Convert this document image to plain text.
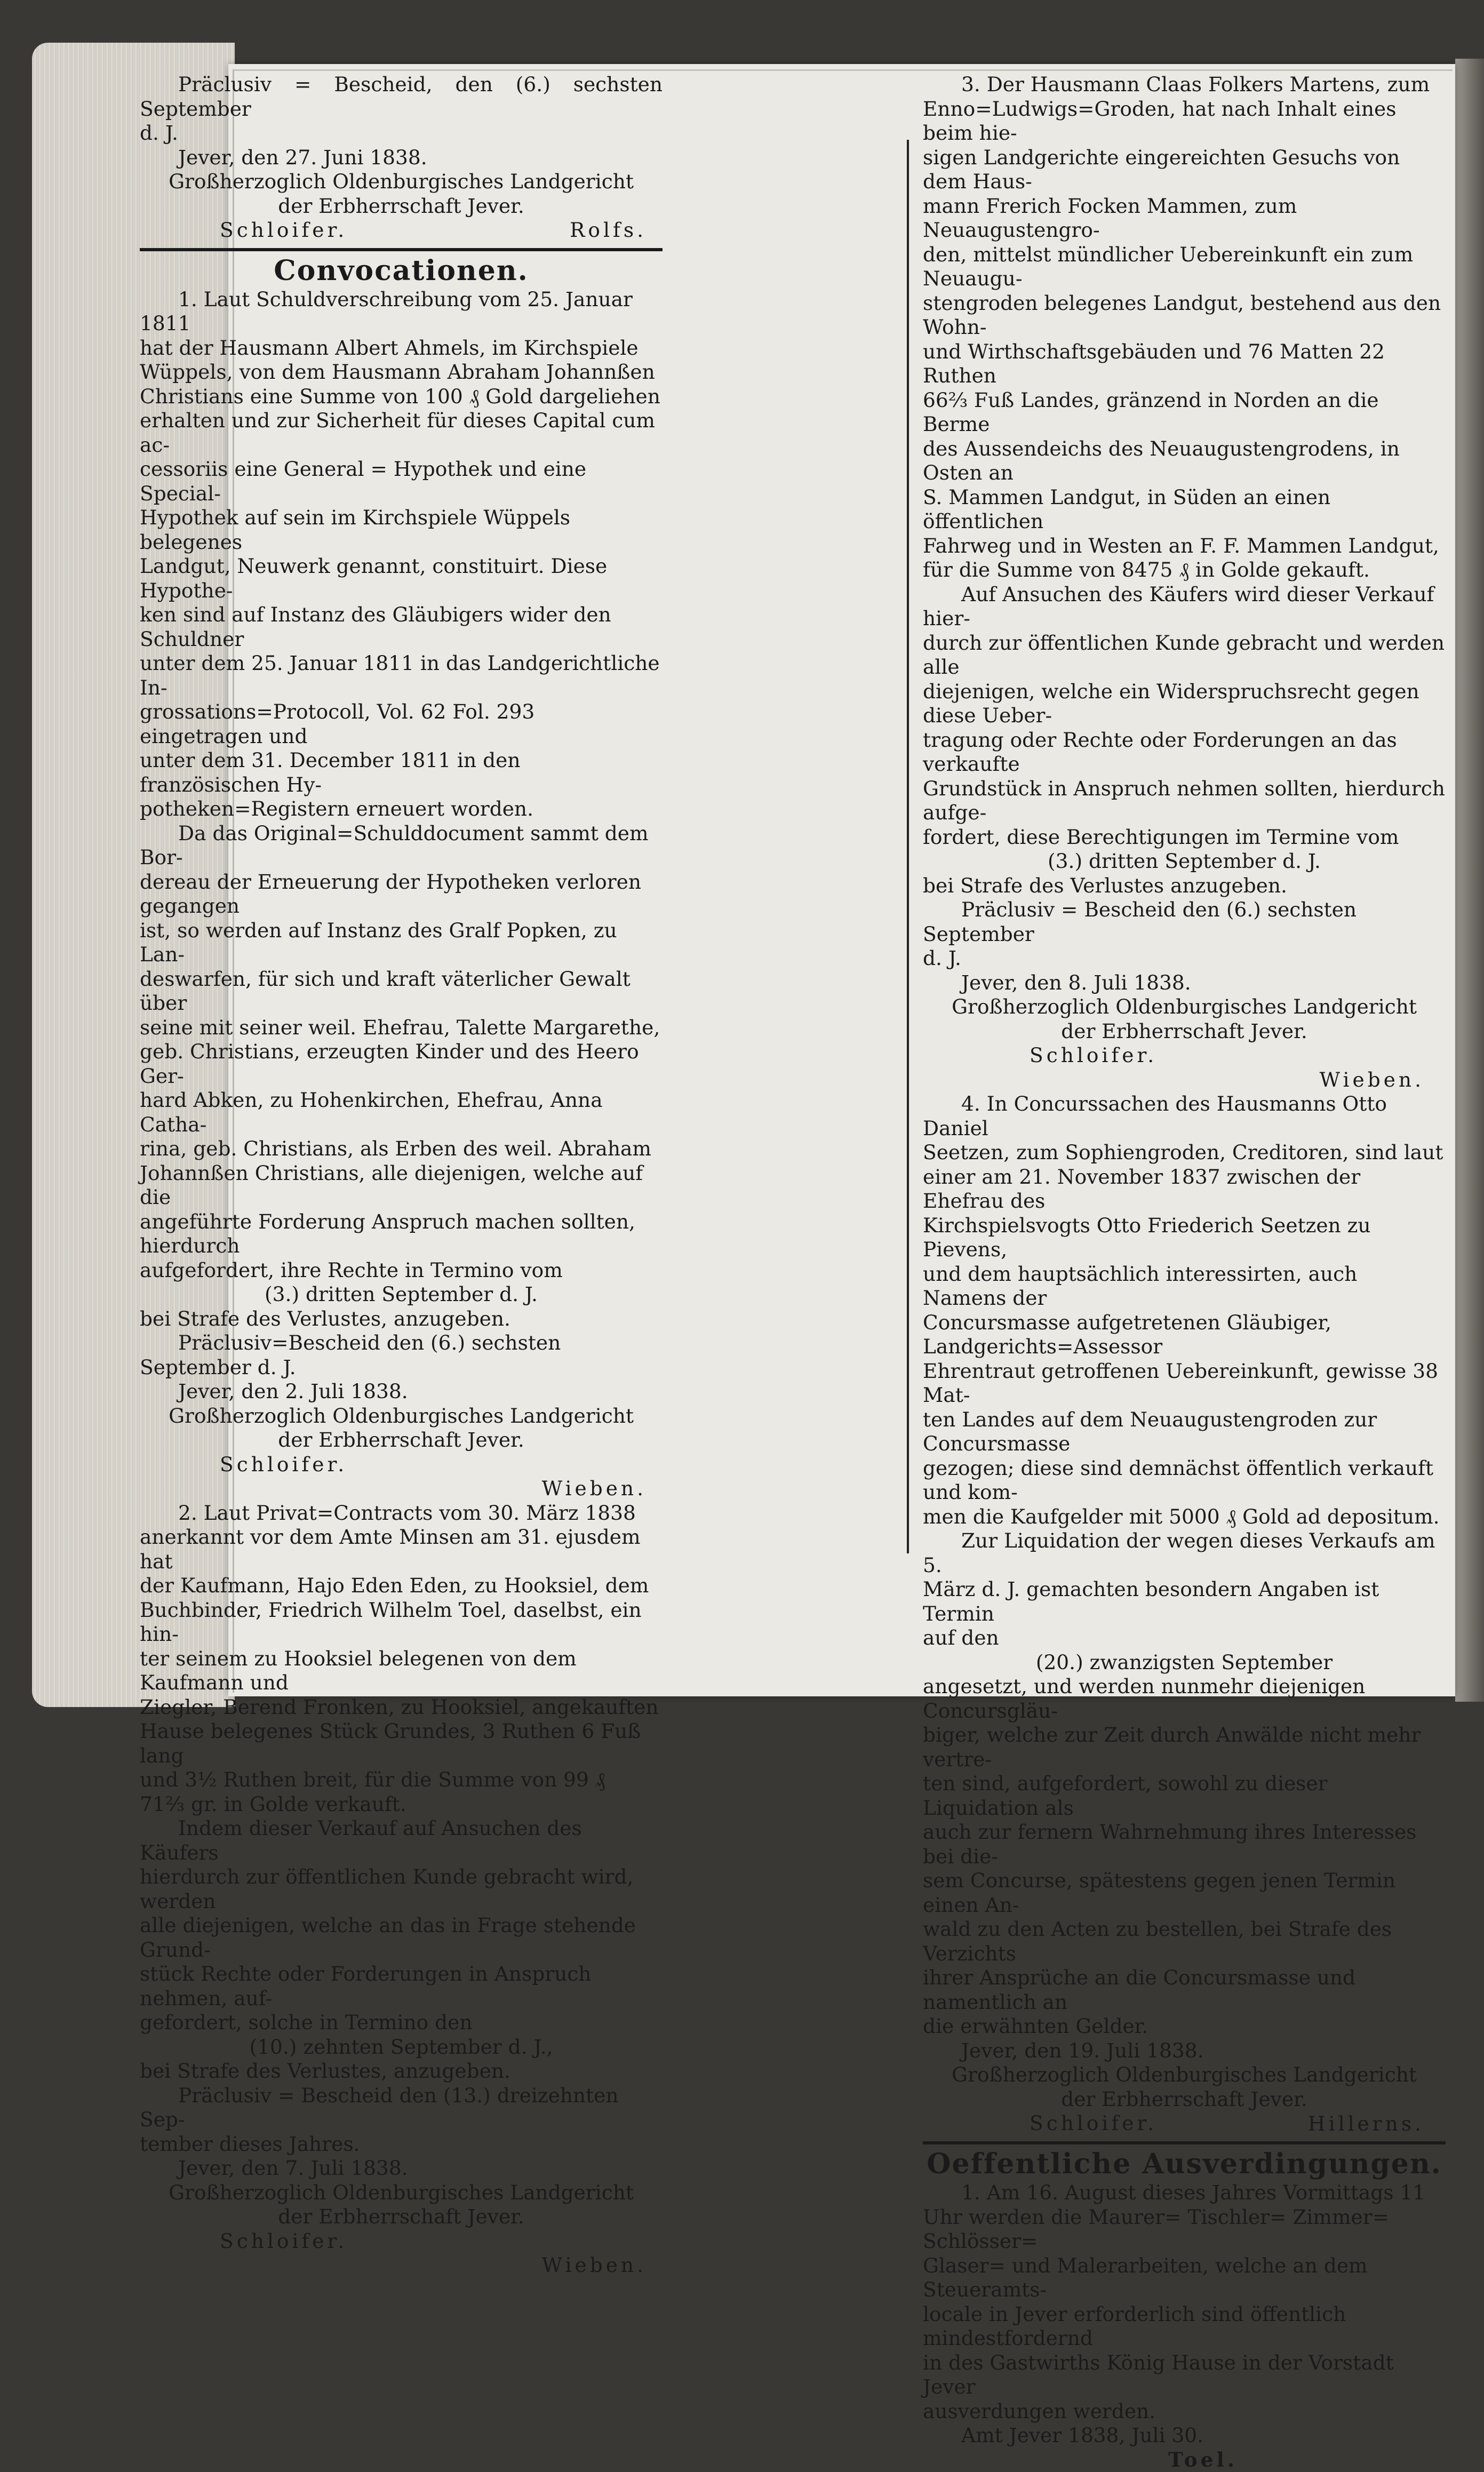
Präclusiv = Bescheid, den (6.) sechsten September

d. J.

Jever, den 27. Juni 1838.

Großherzoglich Oldenburgisches Landgericht

der Erbherrschaft Jever.

Schloifer.	Rolfs.

Convocationen.

1. Laut Schuldverschreibung vom 25. Januar 1811

hat der Hausmann Albert Ahmels, im Kirchspiele

Wüppels, von dem Hausmann Abraham Johannßen

Christians eine Summe von 100 ₰ Gold dargeliehen

erhalten und zur Sicherheit für dieses Capital cum ac-

cessoriis eine General = Hypothek und eine Special-

Hypothek auf sein im Kirchspiele Wüppels belegenes

Landgut, Neuwerk genannt, constituirt. Diese Hypothe-

ken sind auf Instanz des Gläubigers wider den Schuldner

unter dem 25. Januar 1811 in das Landgerichtliche In-

grossations=Protocoll, Vol. 62 Fol. 293 eingetragen und

unter dem 31. December 1811 in den französischen Hy-

potheken=Registern erneuert worden.

Da das Original=Schulddocument sammt dem Bor-

dereau der Erneuerung der Hypotheken verloren gegangen

ist, so werden auf Instanz des Gralf Popken, zu Lan-

deswarfen, für sich und kraft väterlicher Gewalt über

seine mit seiner weil. Ehefrau, Talette Margarethe,

geb. Christians, erzeugten Kinder und des Heero Ger-

hard Abken, zu Hohenkirchen, Ehefrau, Anna Catha-

rina, geb. Christians, als Erben des weil. Abraham

Johannßen Christians, alle diejenigen, welche auf die

angeführte Forderung Anspruch machen sollten, hierdurch

aufgefordert, ihre Rechte in Termino vom

(3.) dritten September d. J.

bei Strafe des Verlustes, anzugeben.

Präclusiv=Bescheid den (6.) sechsten September d. J.

Jever, den 2. Juli 1838.

Großherzoglich Oldenburgisches Landgericht

der Erbherrschaft Jever.

Schloifer.

Wieben.

2. Laut Privat=Contracts vom 30. März 1838

anerkannt vor dem Amte Minsen am 31. ejusdem hat

der Kaufmann, Hajo Eden Eden, zu Hooksiel, dem

Buchbinder, Friedrich Wilhelm Toel, daselbst, ein hin-

ter seinem zu Hooksiel belegenen von dem Kaufmann und

Ziegler, Berend Fronken, zu Hooksiel, angekauften

Hause belegenes Stück Grundes, 3 Ruthen 6 Fuß lang

und 3½ Ruthen breit, für die Summe von 99 ₰

71⅔ gr. in Golde verkauft.

Indem dieser Verkauf auf Ansuchen des Käufers

hierdurch zur öffentlichen Kunde gebracht wird, werden

alle diejenigen, welche an das in Frage stehende Grund-

stück Rechte oder Forderungen in Anspruch nehmen, auf-

gefordert, solche in Termino den

(10.) zehnten September d. J.,

bei Strafe des Verlustes, anzugeben.

Präclusiv = Bescheid den (13.) dreizehnten Sep-

tember dieses Jahres.

Jever, den 7. Juli 1838.

Großherzoglich Oldenburgisches Landgericht

der Erbherrschaft Jever.

Schloifer.

Wieben.

3. Der Hausmann Claas Folkers Martens, zum

Enno=Ludwigs=Groden, hat nach Inhalt eines beim hie-

sigen Landgerichte eingereichten Gesuchs von dem Haus-

mann Frerich Focken Mammen, zum Neuaugustengro-

den, mittelst mündlicher Uebereinkunft ein zum Neuaugu-

stengroden belegenes Landgut, bestehend aus den Wohn-

und Wirthschaftsgebäuden und 76 Matten 22 Ruthen

66⅔ Fuß Landes, gränzend in Norden an die Berme

des Aussendeichs des Neuaugustengrodens, in Osten an

S. Mammen Landgut, in Süden an einen öffentlichen

Fahrweg und in Westen an F. F. Mammen Landgut,

für die Summe von 8475 ₰ in Golde gekauft.

Auf Ansuchen des Käufers wird dieser Verkauf hier-

durch zur öffentlichen Kunde gebracht und werden alle

diejenigen, welche ein Widerspruchsrecht gegen diese Ueber-

tragung oder Rechte oder Forderungen an das verkaufte

Grundstück in Anspruch nehmen sollten, hierdurch aufge-

fordert, diese Berechtigungen im Termine vom

(3.) dritten September d. J.

bei Strafe des Verlustes anzugeben.

Präclusiv = Bescheid den (6.) sechsten September

d. J.

Jever, den 8. Juli 1838.

Großherzoglich Oldenburgisches Landgericht

der Erbherrschaft Jever.

Schloifer.

Wieben.

4. In Concurssachen des Hausmanns Otto Daniel

Seetzen, zum Sophiengroden, Creditoren, sind laut

einer am 21. November 1837 zwischen der Ehefrau des

Kirchspielsvogts Otto Friederich Seetzen zu Pievens,

und dem hauptsächlich interessirten, auch Namens der

Concursmasse aufgetretenen Gläubiger, Landgerichts=Assessor

Ehrentraut getroffenen Uebereinkunft, gewisse 38 Mat-

ten Landes auf dem Neuaugustengroden zur Concursmasse

gezogen; diese sind demnächst öffentlich verkauft und kom-

men die Kaufgelder mit 5000 ₰ Gold ad depositum.

Zur Liquidation der wegen dieses Verkaufs am 5.

März d. J. gemachten besondern Angaben ist Termin

auf den

(20.) zwanzigsten September

angesetzt, und werden nunmehr diejenigen Concursgläu-

biger, welche zur Zeit durch Anwälde nicht mehr vertre-

ten sind, aufgefordert, sowohl zu dieser Liquidation als

auch zur fernern Wahrnehmung ihres Interesses bei die-

sem Concurse, spätestens gegen jenen Termin einen An-

wald zu den Acten zu bestellen, bei Strafe des Verzichts

ihrer Ansprüche an die Concursmasse und namentlich an

die erwähnten Gelder.

Jever, den 19. Juli 1838.

Großherzoglich Oldenburgisches Landgericht

der Erbherrschaft Jever.

Schloifer.	Hillerns.

Oeffentliche Ausverdingungen.

1. Am 16. August dieses Jahres Vormittags 11

Uhr werden die Maurer= Tischler= Zimmer= Schlösser=

Glaser= und Malerarbeiten, welche an dem Steueramts-

locale in Jever erforderlich sind öffentlich mindestfordernd

in des Gastwirths König Hause in der Vorstadt Jever

ausverdungen werden.

Amt Jever 1838, Juli 30.

Toel.
